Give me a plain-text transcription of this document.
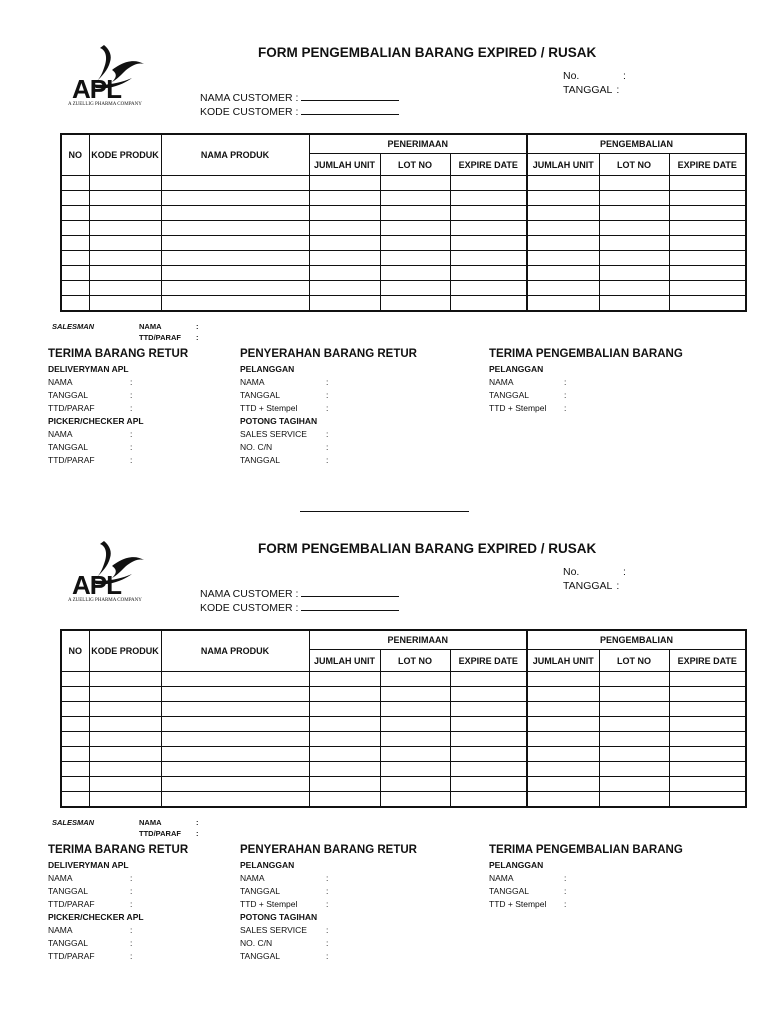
APL
A ZUELLIG PHARMA COMPANY
FORM PENGEMBALIAN BARANG EXPIRED / RUSAK
No.	:
TANGGAL :
NAMA CUSTOMER :
KODE CUSTOMER :
NO	KODE PRODUK	NAMA PRODUK	PENERIMAAN			PENGEMBALIAN		
			JUMLAH UNIT	LOT NO	EXPIRE DATE	JUMLAH UNIT	LOT NO	EXPIRE DATE

SALESMAN	NAMA	:
TTD/PARAF :
TERIMA BARANG RETUR
DELIVERYMAN APL
NAMA	:
TANGGAL	:
TTD/PARAF	:
PICKER/CHECKER APL
NAMA	:
TANGGAL	:
TTD/PARAF	:
PENYERAHAN BARANG RETUR
PELANGGAN
NAMA	:
TANGGAL	:
TTD + Stempel	:
POTONG TAGIHAN
SALES SERVICE :
NO. C/N	:
TANGGAL	:
TERIMA PENGEMBALIAN BARANG
PELANGGAN
NAMA	:
TANGGAL	:
TTD + Stempel :
APL
A ZUELLIG PHARMA COMPANY
FORM PENGEMBALIAN BARANG EXPIRED / RUSAK
No.	:
TANGGAL :
NAMA CUSTOMER :
KODE CUSTOMER :
NO	KODE PRODUK	NAMA PRODUK	PENERIMAAN			PENGEMBALIAN		
			JUMLAH UNIT	LOT NO	EXPIRE DATE	JUMLAH UNIT	LOT NO	EXPIRE DATE

SALESMAN	NAMA	:
TTD/PARAF :
TERIMA BARANG RETUR
DELIVERYMAN APL
NAMA	:
TANGGAL	:
TTD/PARAF	:
PICKER/CHECKER APL
NAMA	:
TANGGAL	:
TTD/PARAF	:
PENYERAHAN BARANG RETUR
PELANGGAN
NAMA	:
TANGGAL	:
TTD + Stempel	:
POTONG TAGIHAN
SALES SERVICE :
NO. C/N	:
TANGGAL	:
TERIMA PENGEMBALIAN BARANG
PELANGGAN
NAMA	:
TANGGAL	:
TTD + Stempel :
